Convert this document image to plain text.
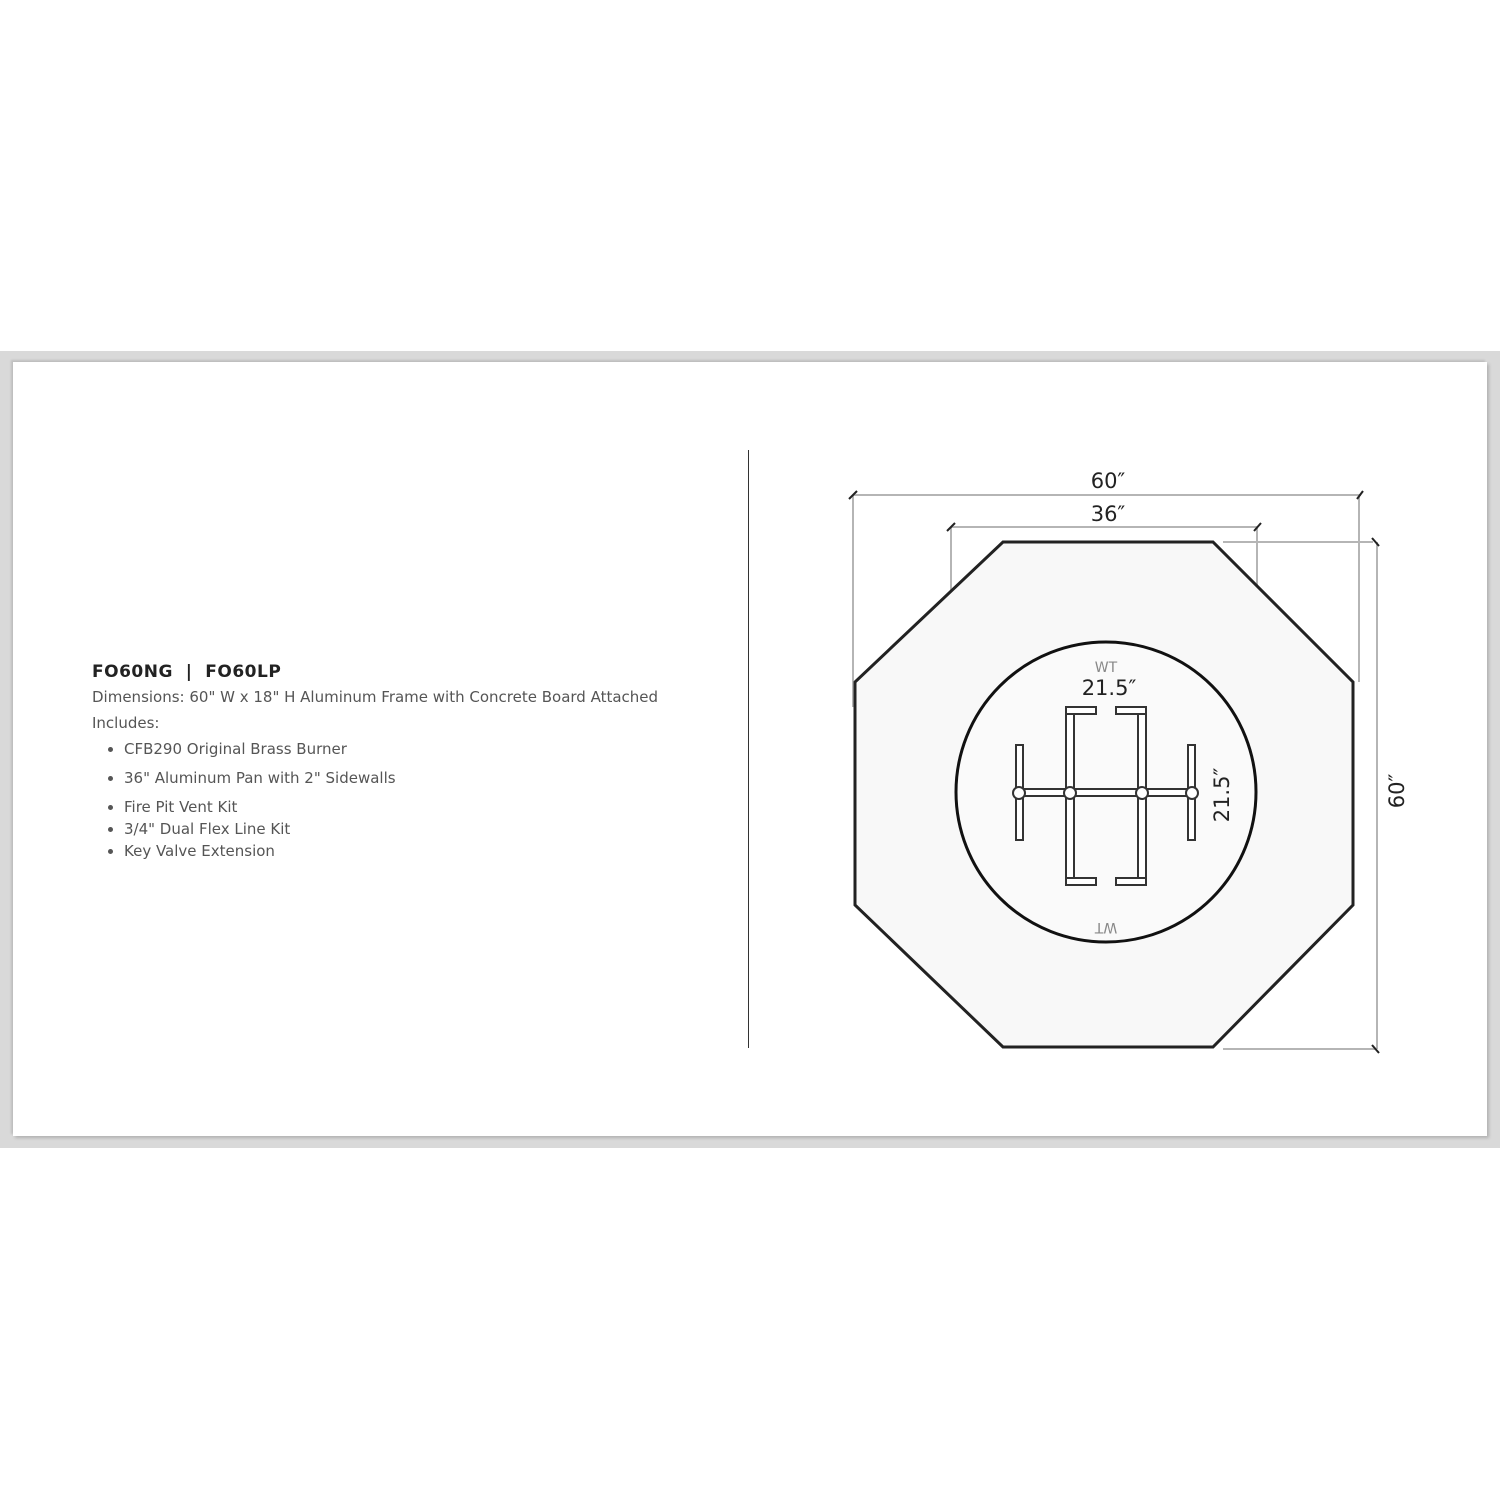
FO60NG  |  FO60LP
Dimensions: 60" W x 18" H Aluminum Frame with Concrete Board Attached
Includes:
• CFB290 Original Brass Burner
• 36" Aluminum Pan with 2" Sidewalls
• Fire Pit Vent Kit
• 3/4" Dual Flex Line Kit
• Key Valve Extension
60″
36″
WT
21.5″
WT
21.5″	60″
